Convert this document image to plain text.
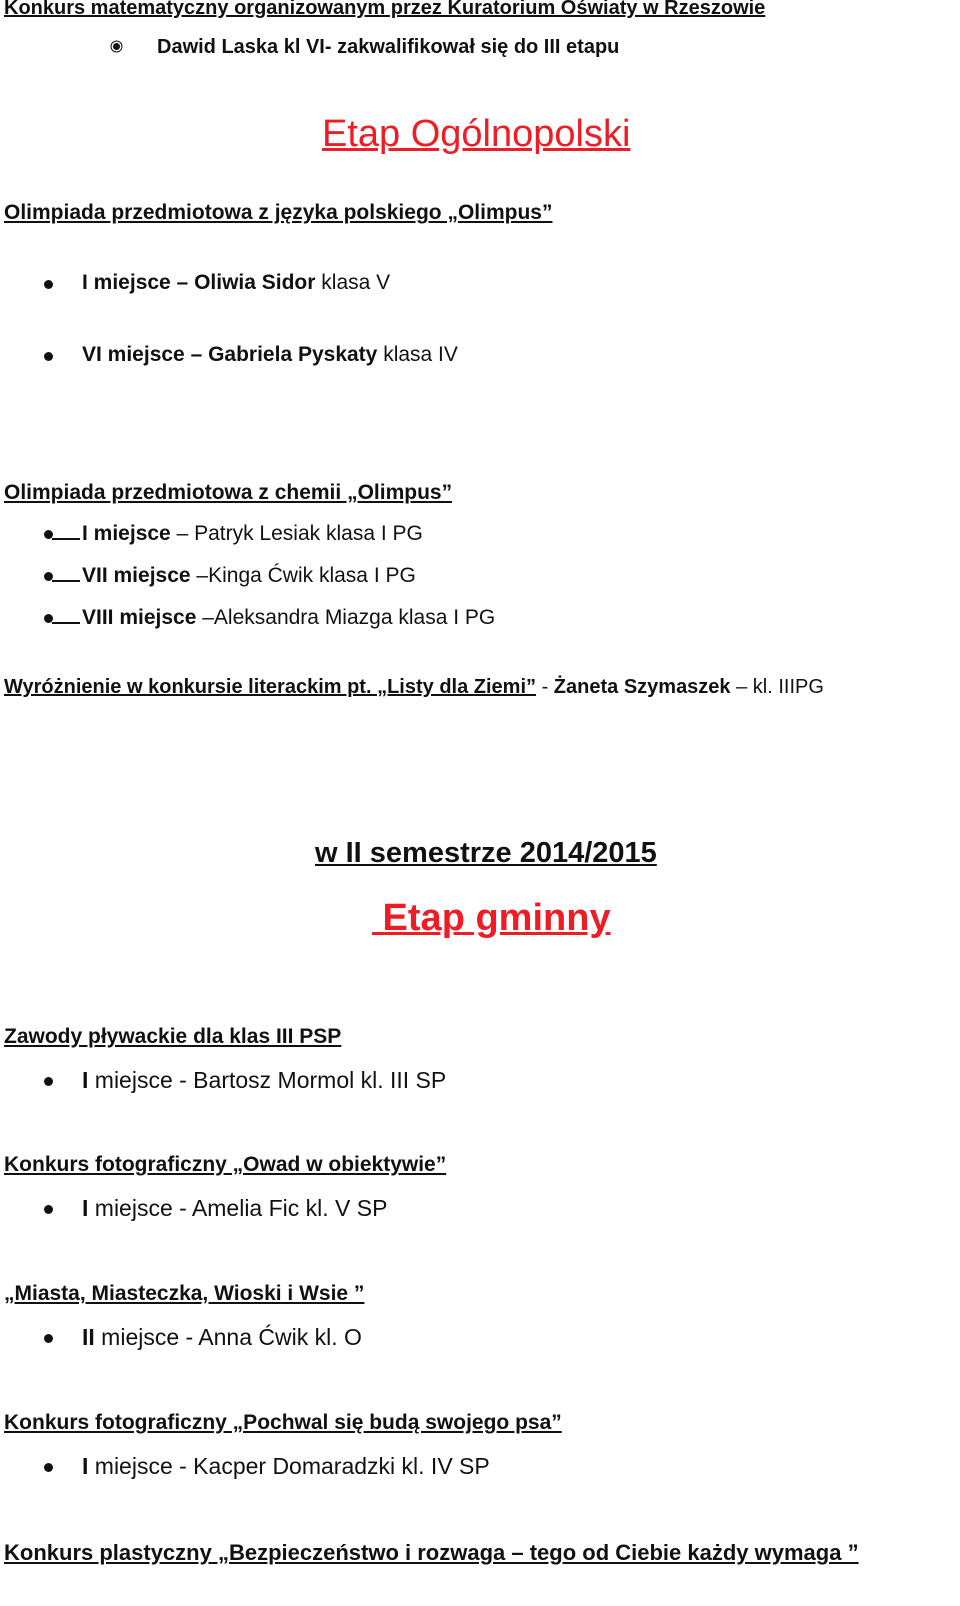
Konkurs matematyczny organizowanym przez Kuratorium Oświaty w Rzeszowie
Dawid Laska kl VI- zakwalifikował się do III etapu
Etap Ogólnopolski
Olimpiada przedmiotowa z języka polskiego „Olimpus”
I miejsce – Oliwia Sidor klasa V
VI miejsce – Gabriela Pyskaty klasa IV
Olimpiada przedmiotowa z chemii „Olimpus”
I miejsce – Patryk Lesiak klasa I PG
VII miejsce –Kinga Ćwik klasa I PG
VIII miejsce –Aleksandra Miazga klasa I PG
Wyróżnienie w konkursie literackim pt. „Listy dla Ziemi” - Żaneta Szymaszek – kl. IIIPG
w II semestrze 2014/2015
Etap gminny
Zawody pływackie dla klas III PSP
I miejsce - Bartosz Mormol kl. III SP
Konkurs fotograficzny „Owad w obiektywie”
I miejsce - Amelia Fic kl. V SP
„Miasta, Miasteczka, Wioski i Wsie ”
II miejsce - Anna Ćwik kl. O
Konkurs fotograficzny „Pochwal się budą swojego psa”
I miejsce - Kacper Domaradzki kl. IV SP
Konkurs plastyczny „Bezpieczeństwo i rozwaga – tego od Ciebie każdy wymaga ”
